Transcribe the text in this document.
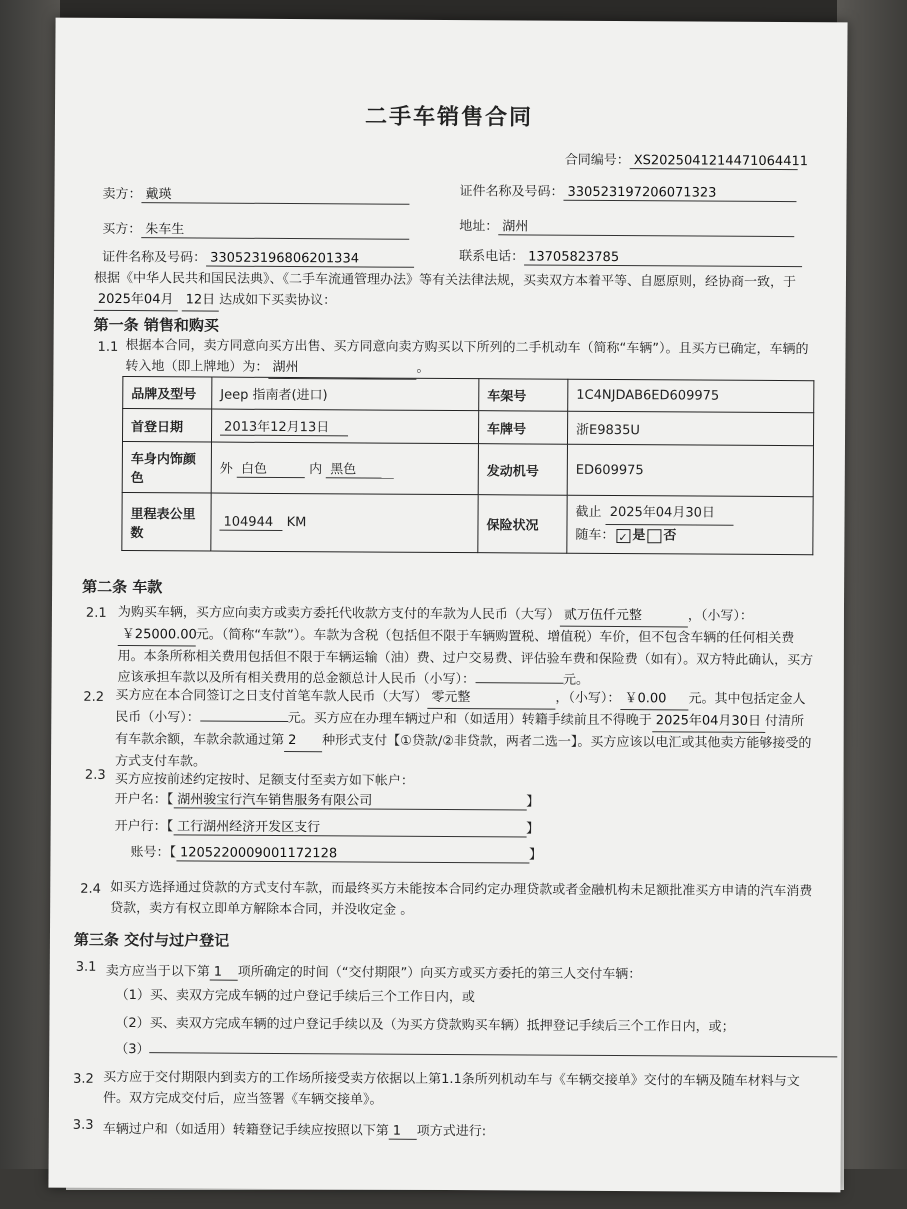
二手车销售合同
合同编号： XS2025041214471064411
卖方： 戴瑛	证件名称及号码： 330523197206071323
买方： 朱车生	地址： 湖州
证件名称及号码： 330523196806201334	联系电话： 13705823785
根据《中华人民共和国民法典》、《二手车流通管理办法》等有关法律法规，买卖双方本着平等、自愿原则，经协商一致，于2025年04月 12日 达成如下买卖协议：
第一条 销售和购买
1.1 根据本合同，卖方同意向买方出售、买方同意向卖方购买以下所列的二手机动车（简称“车辆”）。且买方已确定，车辆的转入地（即上牌地）为： 湖州	。
品牌及型号	Jeep 指南者(进口)	车架号	1C4NJDAB6ED609975
首登日期	2013年12月13日	车牌号	浙E9835U
车身内饰颜色	外 白色 内 黑色	发动机号	ED609975
里程表公里数	104944 KM	保险状况	截止 2025年04月30日
随车： ✓ 是 否
第二条 车款
2.1 为购买车辆，买方应向卖方或卖方委托代收款方支付的车款为人民币（大写） 贰万伍仟元整	，（小写）： ￥25000.00元。（简称“车款”）。车款为含税（包括但不限于车辆购置税、增值税）车价，但不包含车辆的任何相关费用。本条所称相关费用包括但不限于车辆运输（油）费、过户交易费、评估验车费和保险费（如有）。双方特此确认，买方应该承担车款以及所有相关费用的总金额总计人民币（小写）：	元。
2.2 买方应在本合同签订之日支付首笔车款人民币（大写） 零元整	，（小写）： ￥0.00 元。其中包括定金人民币（小写）：	元。买方应在办理车辆过户和（如适用）转籍手续前且不得晚于 2025年04月30日 付清所有车款余额，车款余款通过第 2 种形式支付【①贷款/②非贷款，两者二选一】。买方应该以电汇或其他卖方能够接受的方式支付车款。
2.3 买方应按前述约定按时、足额支付至卖方如下帐户：
开户名：【 湖州骏宝行汽车销售服务有限公司	】
开户行：【 工行湖州经济开发区支行	】
账号：【 1205220009001172128	】
2.4 如买方选择通过贷款的方式支付车款，而最终买方未能按本合同约定办理贷款或者金融机构未足额批准买方申请的汽车消费贷款，卖方有权立即单方解除本合同，并没收定金 。
第三条 交付与过户登记
3.1 卖方应当于以下第 1 项所确定的时间（“交付期限”）向买方或买方委托的第三人交付车辆：
（1）买、卖双方完成车辆的过户登记手续后三个工作日内，或
（2）买、卖双方完成车辆的过户登记手续以及（为买方贷款购买车辆）抵押登记手续后三个工作日内，或；
（3）
3.2 买方应于交付期限内到卖方的工作场所接受卖方依据以上第1.1条所列机动车与《车辆交接单》交付的车辆及随车材料与文件。双方完成交付后，应当签署《车辆交接单》。
3.3 车辆过户和（如适用）转籍登记手续应按照以下第 1 项方式进行:
